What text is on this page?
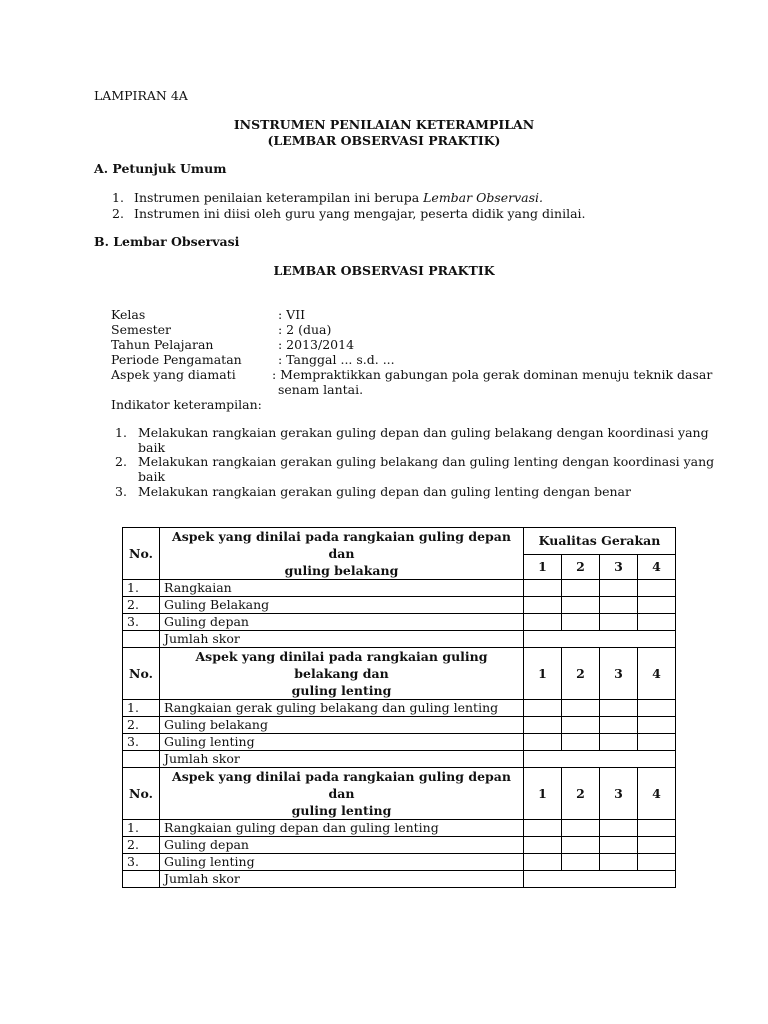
LAMPIRAN 4A
INSTRUMEN PENILAIAN KETERAMPILAN
(LEMBAR OBSERVASI PRAKTIK)
A. Petunjuk Umum
1. Instrumen penilaian keterampilan ini berupa Lembar Observasi.
2. Instrumen ini diisi oleh guru yang mengajar, peserta didik yang dinilai.
B. Lembar Observasi
LEMBAR OBSERVASI PRAKTIK
Kelas	: VII
Semester	: 2 (dua)
Tahun Pelajaran	: 2013/2014
Periode Pengamatan	: Tanggal ... s.d. ...
Aspek yang diamati	: Mempraktikkan gabungan pola gerak dominan menuju teknik dasar
senam lantai.
Indikator keterampilan:
1. Melakukan rangkaian gerakan guling depan dan guling belakang dengan koordinasi yang
baik
2. Melakukan rangkaian gerakan guling belakang dan guling lenting dengan koordinasi yang
baik
3. Melakukan rangkaian gerakan guling depan dan guling lenting dengan benar
No.	Aspek yang dinilai pada rangkaian guling depan dan
guling belakang	Kualitas Gerakan			
		1	2	3	4
1.	Rangkaian				
2.	Guling Belakang				
3.	Guling depan				
	Jumlah skor				
No.	Aspek yang dinilai pada rangkaian guling belakang dan
guling lenting	1	2	3	4
1.	Rangkaian gerak guling belakang dan guling lenting				
2.	Guling belakang				
3.	Guling lenting				
	Jumlah skor				
No.	Aspek yang dinilai pada rangkaian guling depan dan
guling lenting	1	2	3	4
1.	Rangkaian guling depan dan guling lenting				
2.	Guling depan				
3.	Guling lenting				
	Jumlah skor				
